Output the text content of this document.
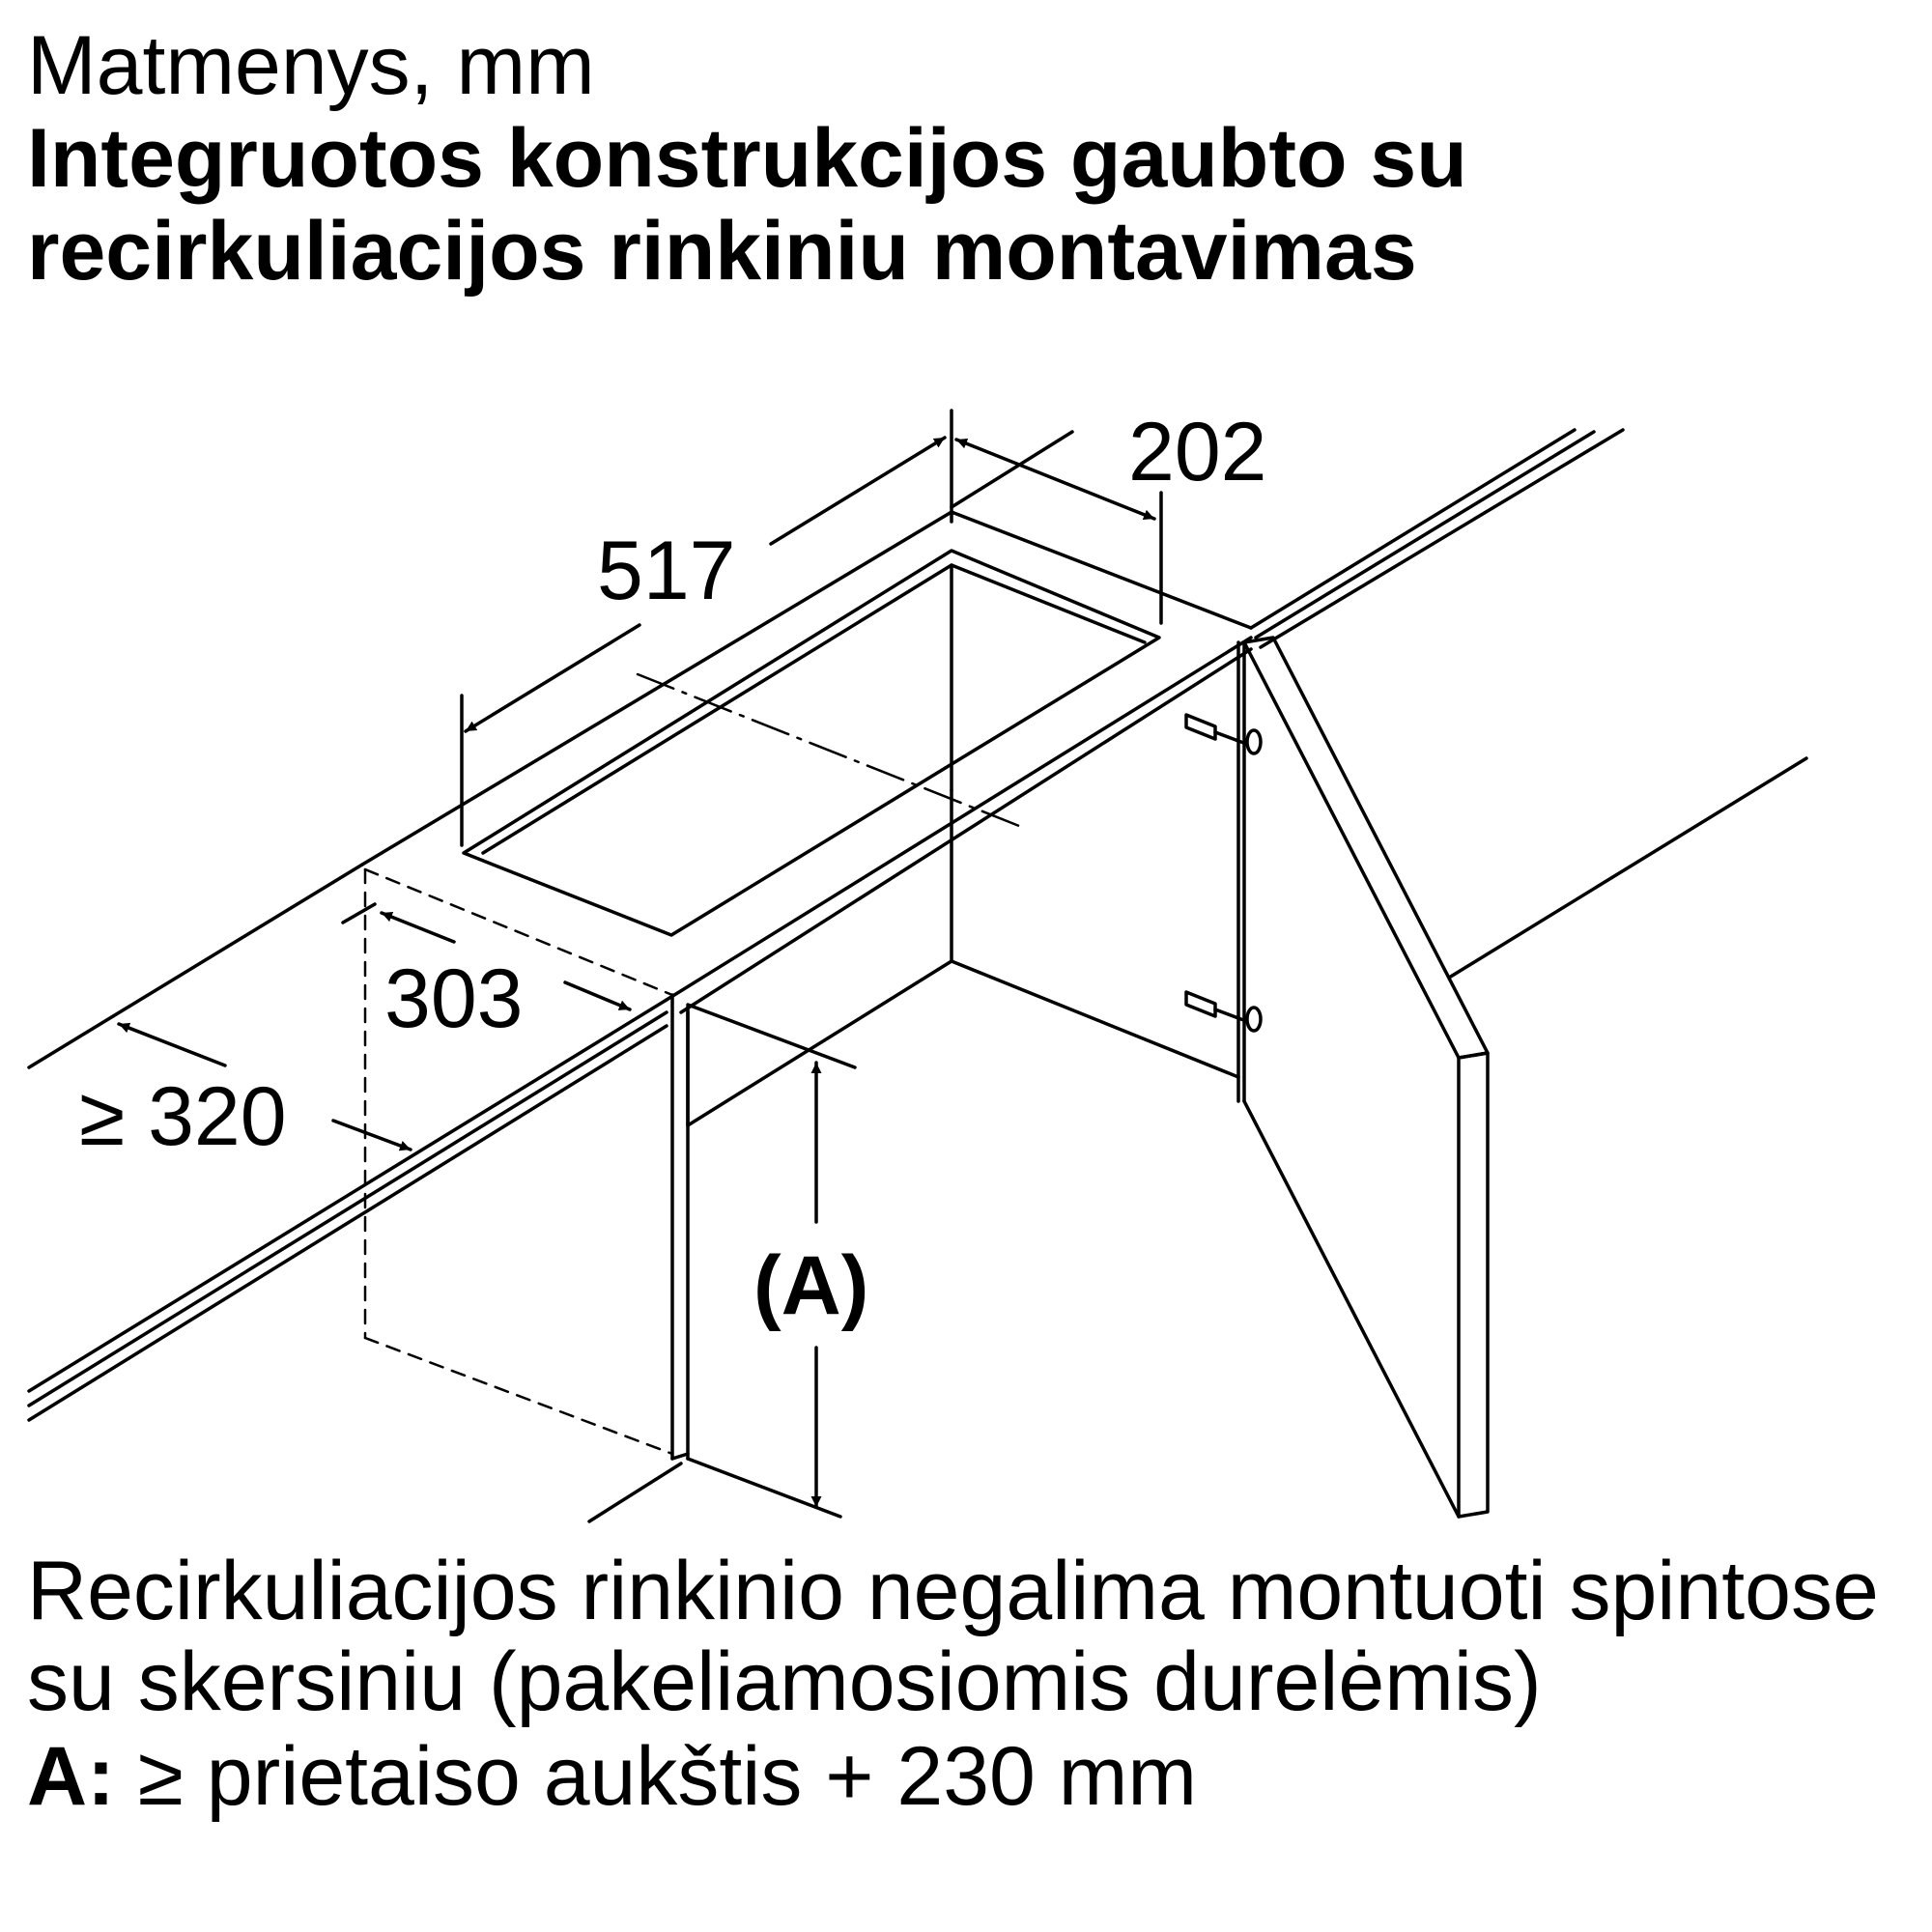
Matmenys, mm
Integruotos konstrukcijos gaubto su recirkuliacijos rinkiniu montavimas
202
517
303
≥ 320
(A)
Recirkuliacijos rinkinio negalima montuoti spintose su skersiniu (pakeliamosiomis durelėmis)
A: ≥ prietaiso aukštis + 230 mm
